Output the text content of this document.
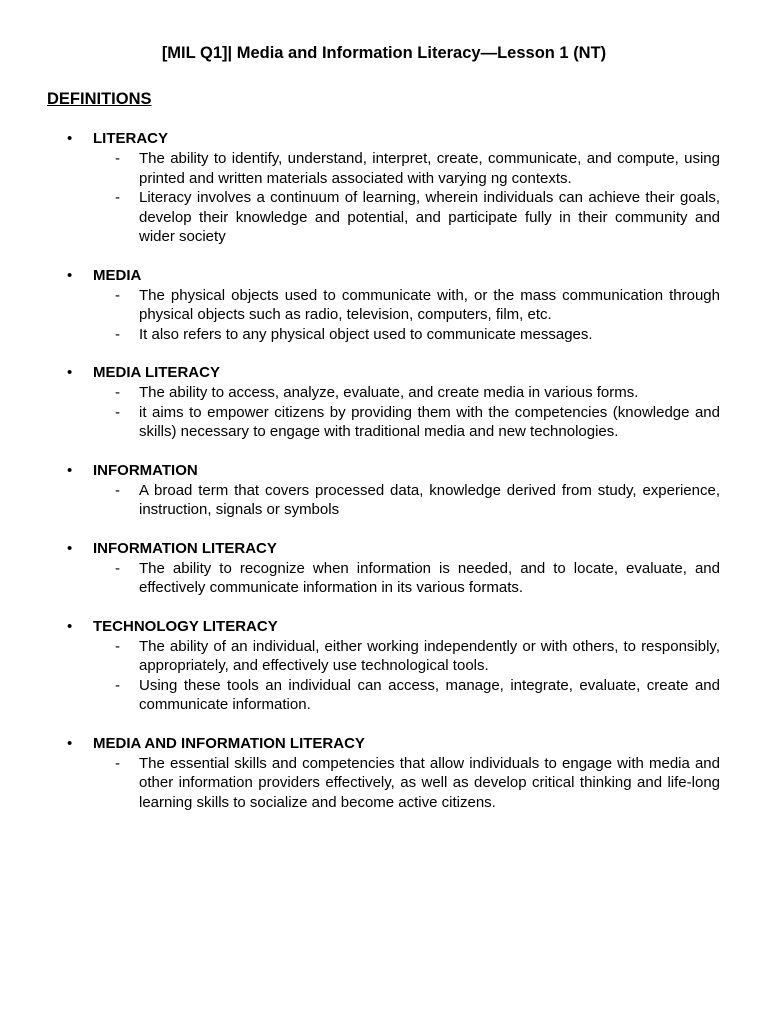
[MIL Q1]| Media and Information Literacy—Lesson 1 (NT)
DEFINITIONS
• LITERACY
- The ability to identify, understand, interpret, create, communicate, and compute, using printed and written materials associated with varying ng contexts.
- Literacy involves a continuum of learning, wherein individuals can achieve their goals, develop their knowledge and potential, and participate fully in their community and wider society
• MEDIA
- The physical objects used to communicate with, or the mass communication through physical objects such as radio, television, computers, film, etc.
- It also refers to any physical object used to communicate messages.
• MEDIA LITERACY
- The ability to access, analyze, evaluate, and create media in various forms.
- it aims to empower citizens by providing them with the competencies (knowledge and skills) necessary to engage with traditional media and new technologies.
• INFORMATION
- A broad term that covers processed data, knowledge derived from study, experience, instruction, signals or symbols
• INFORMATION LITERACY
- The ability to recognize when information is needed, and to locate, evaluate, and effectively communicate information in its various formats.
• TECHNOLOGY LITERACY
- The ability of an individual, either working independently or with others, to responsibly, appropriately, and effectively use technological tools.
- Using these tools an individual can access, manage, integrate, evaluate, create and communicate information.
• MEDIA AND INFORMATION LITERACY
- The essential skills and competencies that allow individuals to engage with media and other information providers effectively, as well as develop critical thinking and life-long learning skills to socialize and become active citizens.
